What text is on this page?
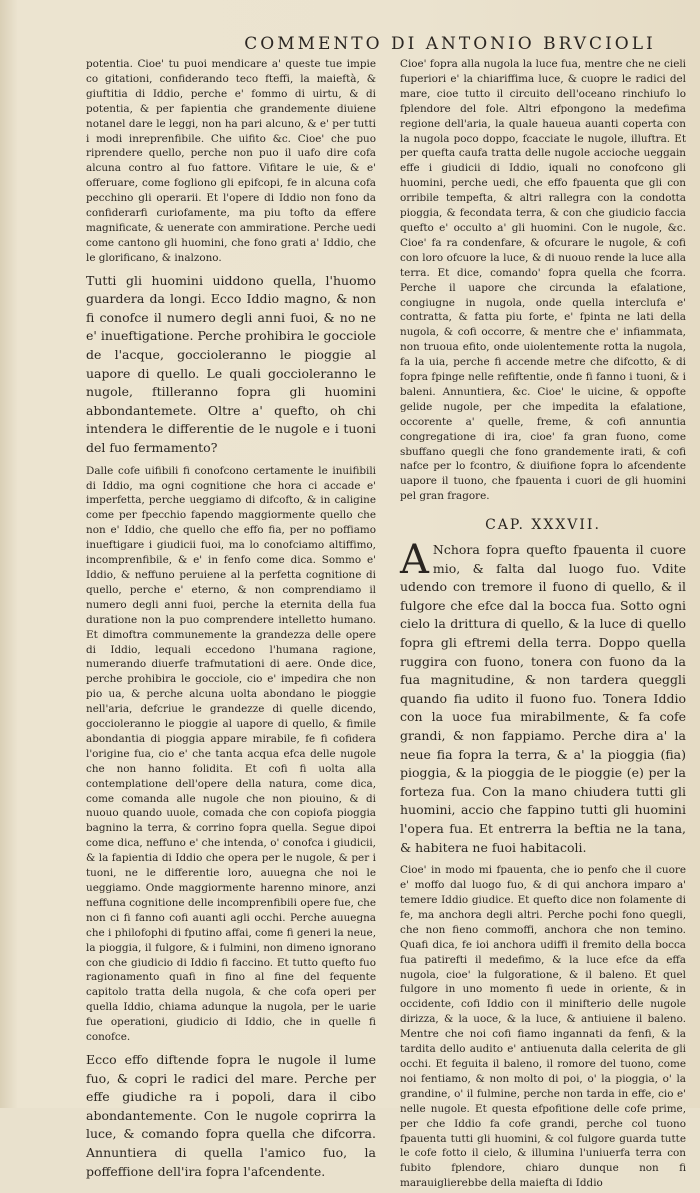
COMMENTO DI ANTONIO BRVCIOLI

potentia. Cioe' tu puoi mendicare a' queste tue impie co gitationi, confiderando teco fteffi, la maieftà, & giuftitia di Iddio, perche e' fommo di uirtu, & di potentia, & per fapientia che grandemente diuiene notanel dare le leggi, non ha pari alcuno, & e' per tutti i modi inreprenfibile. Che uifito &c. Cioe' che puo riprendere quello, perche non puo il uafo dire cofa alcuna contro al fuo fattore. Vifitare le uie, & e' offeruare, come fogliono gli epifcopi, fe in alcuna cofa pecchino gli operarii. Et l'opere di Iddio non fono da confiderarfi curiofamente, ma piu tofto da effere magnificate, & uenerate con ammiratione. Perche uedi come cantono gli huomini, che fono grati a' Iddio, che le glorificano, & inalzono.

Tutti gli huomini uiddono quella, l'huomo guardera da longi. Ecco Iddio magno, & non fi conofce il numero degli anni fuoi, & no ne e' inueftigatione. Perche prohibira le gocciole de l'acque, goccioleranno le pioggie al uapore di quello. Le quali goccioleranno le nugole, ftilleranno fopra gli huomini abbondantemete. Oltre a' quefto, oh chi intendera le differentie de le nugole e i tuoni del fuo fermamento?

Dalle cofe uifibili fi conofcono certamente le inuifibili di Iddio, ma ogni cognitione che hora ci accade e' imperfetta, perche ueggiamo di difcofto, & in caligine come per fpecchio fapendo maggiormente quello che non e' Iddio, che quello che effo fia, per no poffiamo inueftigare i giudicii fuoi, ma lo conofciamo altiffimo, incomprenfibile, & e' in fenfo come dica. Sommo e' Iddio, & neffuno peruiene al la perfetta cognitione di quello, perche e' eterno, & non comprendiamo il numero degli anni fuoi, perche la eternita della fua duratione non la puo comprendere intelletto humano. Et dimoftra communemente la grandezza delle opere di Iddio, lequali eccedono l'humana ragione, numerando diuerfe trafmutationi di aere. Onde dice, perche prohibira le gocciole, cio e' impedira che non pio ua, & perche alcuna uolta abondano le pioggie nell'aria, defcriue le grandezze di quelle dicendo, goccioleranno le pioggie al uapore di quello, & fimile abondantia di pioggia appare mirabile, fe fi cofidera l'origine fua, cio e' che tanta acqua efca delle nugole che non hanno folidita. Et cofi fi uolta alla contemplatione dell'opere della natura, come dica, come comanda alle nugole che non piouino, & di nuouo quando uuole, comada che con copiofa pioggia bagnino la terra, & corrino fopra quella. Segue dipoi come dica, neffuno e' che intenda, o' conofca i giudicii, & la fapientia di Iddio che opera per le nugole, & per i tuoni, ne le differentie loro, auuegna che noi le ueggiamo. Onde maggiormente harenno minore, anzi neffuna cognitione delle incomprenfibili opere fue, che non ci fi fanno cofi auanti agli occhi. Perche auuegna che i philofophi di fputino affai, come fi generi la neue, la pioggia, il fulgore, & i fulmini, non dimeno ignorano con che giudicio di Iddio fi faccino. Et tutto quefto fuo ragionamento quafi in fino al fine del fequente capitolo tratta della nugola, & che cofa operi per quella Iddio, chiama adunque la nugola, per le uarie fue operationi, giudicio di Iddio, che in quelle fi conofce.

Ecco effo diftende fopra le nugole il lume fuo, & copri le radici del mare. Perche per effe giudiche ra i popoli, dara il cibo abondantemente. Con le nugole coprirra la luce, & comando fopra quella che difcorra. Annuntiera di quella l'amico fuo, la poffeffione dell'ira fopra l'afcendente.

Cioe' fopra alla nugola la luce fua, mentre che ne cieli fuperiori e' la chiariffima luce, & cuopre le radici del mare, cioe tutto il circuito dell'oceano rinchiufo lo fplendore del fole. Altri efpongono la medefima regione dell'aria, la quale haueua auanti coperta con la nugola poco doppo, fcacciate le nugole, illuftra. Et per quefta caufa tratta delle nugole accioche ueggain effe i giudicii di Iddio, iquali no conofcono gli huomini, perche uedi, che effo fpauenta que gli con orribile tempefta, & altri rallegra con la condotta pioggia, & fecondata terra, & con che giudicio faccia quefto e' occulto a' gli huomini. Con le nugole, &c. Cioe' fa ra condenfare, & ofcurare le nugole, & cofi con loro ofcuore la luce, & di nuouo rende la luce alla terra. Et dice, comando' fopra quella che fcorra. Perche il uapore che circunda la efalatione, congiugne in nugola, onde quella interclufa e' contratta, & fatta piu forte, e' fpinta ne lati della nugola, & cofi occorre, & mentre che e' infiammata, non truoua efito, onde uiolentemente rotta la nugola, fa la uia, perche fi accende metre che difcotto, & di fopra fpinge nelle refiftentie, onde fi fanno i tuoni, & i baleni. Annuntiera, &c. Cioe' le uicine, & oppofte gelide nugole, per che impedita la efalatione, occorente a' quelle, freme, & cofi annuntia congregatione di ira, cioe' fa gran fuono, come sbuffano quegli che fono grandemente irati, & cofi nafce per lo fcontro, & diuifione fopra lo afcendente uapore il tuono, che fpauenta i cuori de gli huomini pel gran fragore.

CAP. XXXVII.

A Nchora fopra quefto fpauenta il cuore mio, & falta dal luogo fuo. Vdite udendo con tremore il fuono di quello, & il fulgore che efce dal la bocca fua. Sotto ogni cielo la drittura di quello, & la luce di quello fopra gli eftremi della terra. Doppo quella ruggira con fuono, tonera con fuono da la fua magnitudine, & non tardera queggli quando fia udito il fuono fuo. Tonera Iddio con la uoce fua mirabilmente, & fa cofe grandi, & non fappiamo. Perche dira a' la neue fia fopra la terra, & a' la pioggia (fia) pioggia, & la pioggia de le pioggie (e) per la forteza fua. Con la mano chiudera tutti gli huomini, accio che fappino tutti gli huomini l'opera fua. Et entrerra la beftia ne la tana, & habitera ne fuoi habitacoli.

Cioe' in modo mi fpauenta, che io penfo che il cuore e' moffo dal luogo fuo, & di qui anchora imparo a' temere Iddio giudice. Et quefto dice non folamente di fe, ma anchora degli altri. Perche pochi fono quegli, che non fieno commoffi, anchora che non temino. Quafi dica, fe ioi anchora udiffi il fremito della bocca fua patirefti il medefimo, & la luce efce da effa nugola, cioe' la fulgoratione, & il baleno. Et quel fulgore in uno momento fi uede in oriente, & in occidente, cofi Iddio con il minifterio delle nugole dirizza, & la uoce, & la luce, & antiuiene il baleno. Mentre che noi cofi fiamo ingannati da fenfi, & la tardita dello audito e' antiuenuta dalla celerita de gli occhi. Et feguita il baleno, il romore del tuono, come noi fentiamo, & non molto di poi, o' la pioggia, o' la grandine, o' il fulmine, perche non tarda in effe, cio e' nelle nugole. Et questa efpofitione delle cofe prime, per che Iddio fa cofe grandi, perche col tuono fpauenta tutti gli huomini, & col fulgore guarda tutte le cofe fotto il cielo, & illumina l'uniuerfa terra con fubito fplendore, chiaro dunque non fi marauiglierebbe della maiefta di Iddio
